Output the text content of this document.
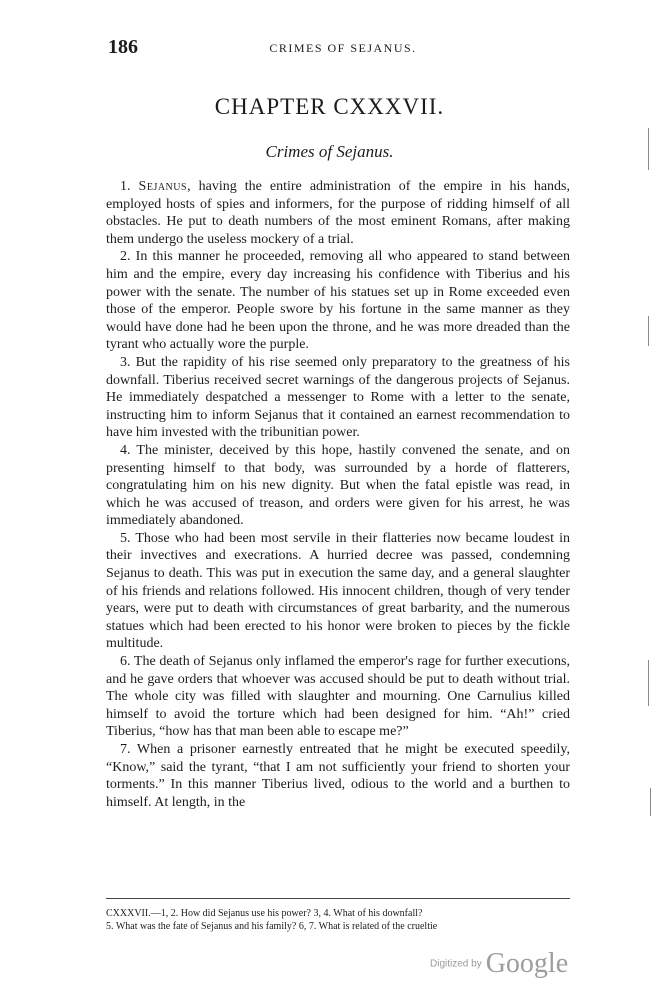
186	CRIMES OF SEJANUS.
CHAPTER CXXXVII.
Crimes of Sejanus.

1. Sejanus, having the entire administration of the empire in his hands, employed hosts of spies and informers, for the purpose of ridding himself of all obstacles. He put to death numbers of the most eminent Romans, after making them undergo the useless mockery of a trial.

2. In this manner he proceeded, removing all who appeared to stand between him and the empire, every day increasing his confidence with Tiberius and his power with the senate. The number of his statues set up in Rome exceeded even those of the emperor. People swore by his fortune in the same manner as they would have done had he been upon the throne, and he was more dreaded than the tyrant who actually wore the purple.

3. But the rapidity of his rise seemed only preparatory to the greatness of his downfall. Tiberius received secret warnings of the dangerous projects of Sejanus. He immediately despatched a messenger to Rome with a letter to the senate, instructing him to inform Sejanus that it contained an earnest recommendation to have him invested with the tribunitian power.

4. The minister, deceived by this hope, hastily convened the senate, and on presenting himself to that body, was surrounded by a horde of flatterers, congratulating him on his new dignity. But when the fatal epistle was read, in which he was accused of treason, and orders were given for his arrest, he was immediately abandoned.

5. Those who had been most servile in their flatteries now became loudest in their invectives and execrations. A hurried decree was passed, condemning Sejanus to death. This was put in execution the same day, and a general slaughter of his friends and relations followed. His innocent children, though of very tender years, were put to death with circumstances of great barbarity, and the numerous statues which had been erected to his honor were broken to pieces by the fickle multitude.

6. The death of Sejanus only inflamed the emperor's rage for further executions, and he gave orders that whoever was accused should be put to death without trial. The whole city was filled with slaughter and mourning. One Carnulius killed himself to avoid the torture which had been designed for him. “Ah!” cried Tiberius, “how has that man been able to escape me?”

7. When a prisoner earnestly entreated that he might be executed speedily, “Know,” said the tyrant, “that I am not sufficiently your friend to shorten your torments.” In this manner Tiberius lived, odious to the world and a burthen to himself. At length, in the

CXXXVII.—1, 2. How did Sejanus use his power? 3, 4. What of his downfall?
5. What was the fate of Sejanus and his family? 6, 7. What is related of the crueltie
Digitized by Google
